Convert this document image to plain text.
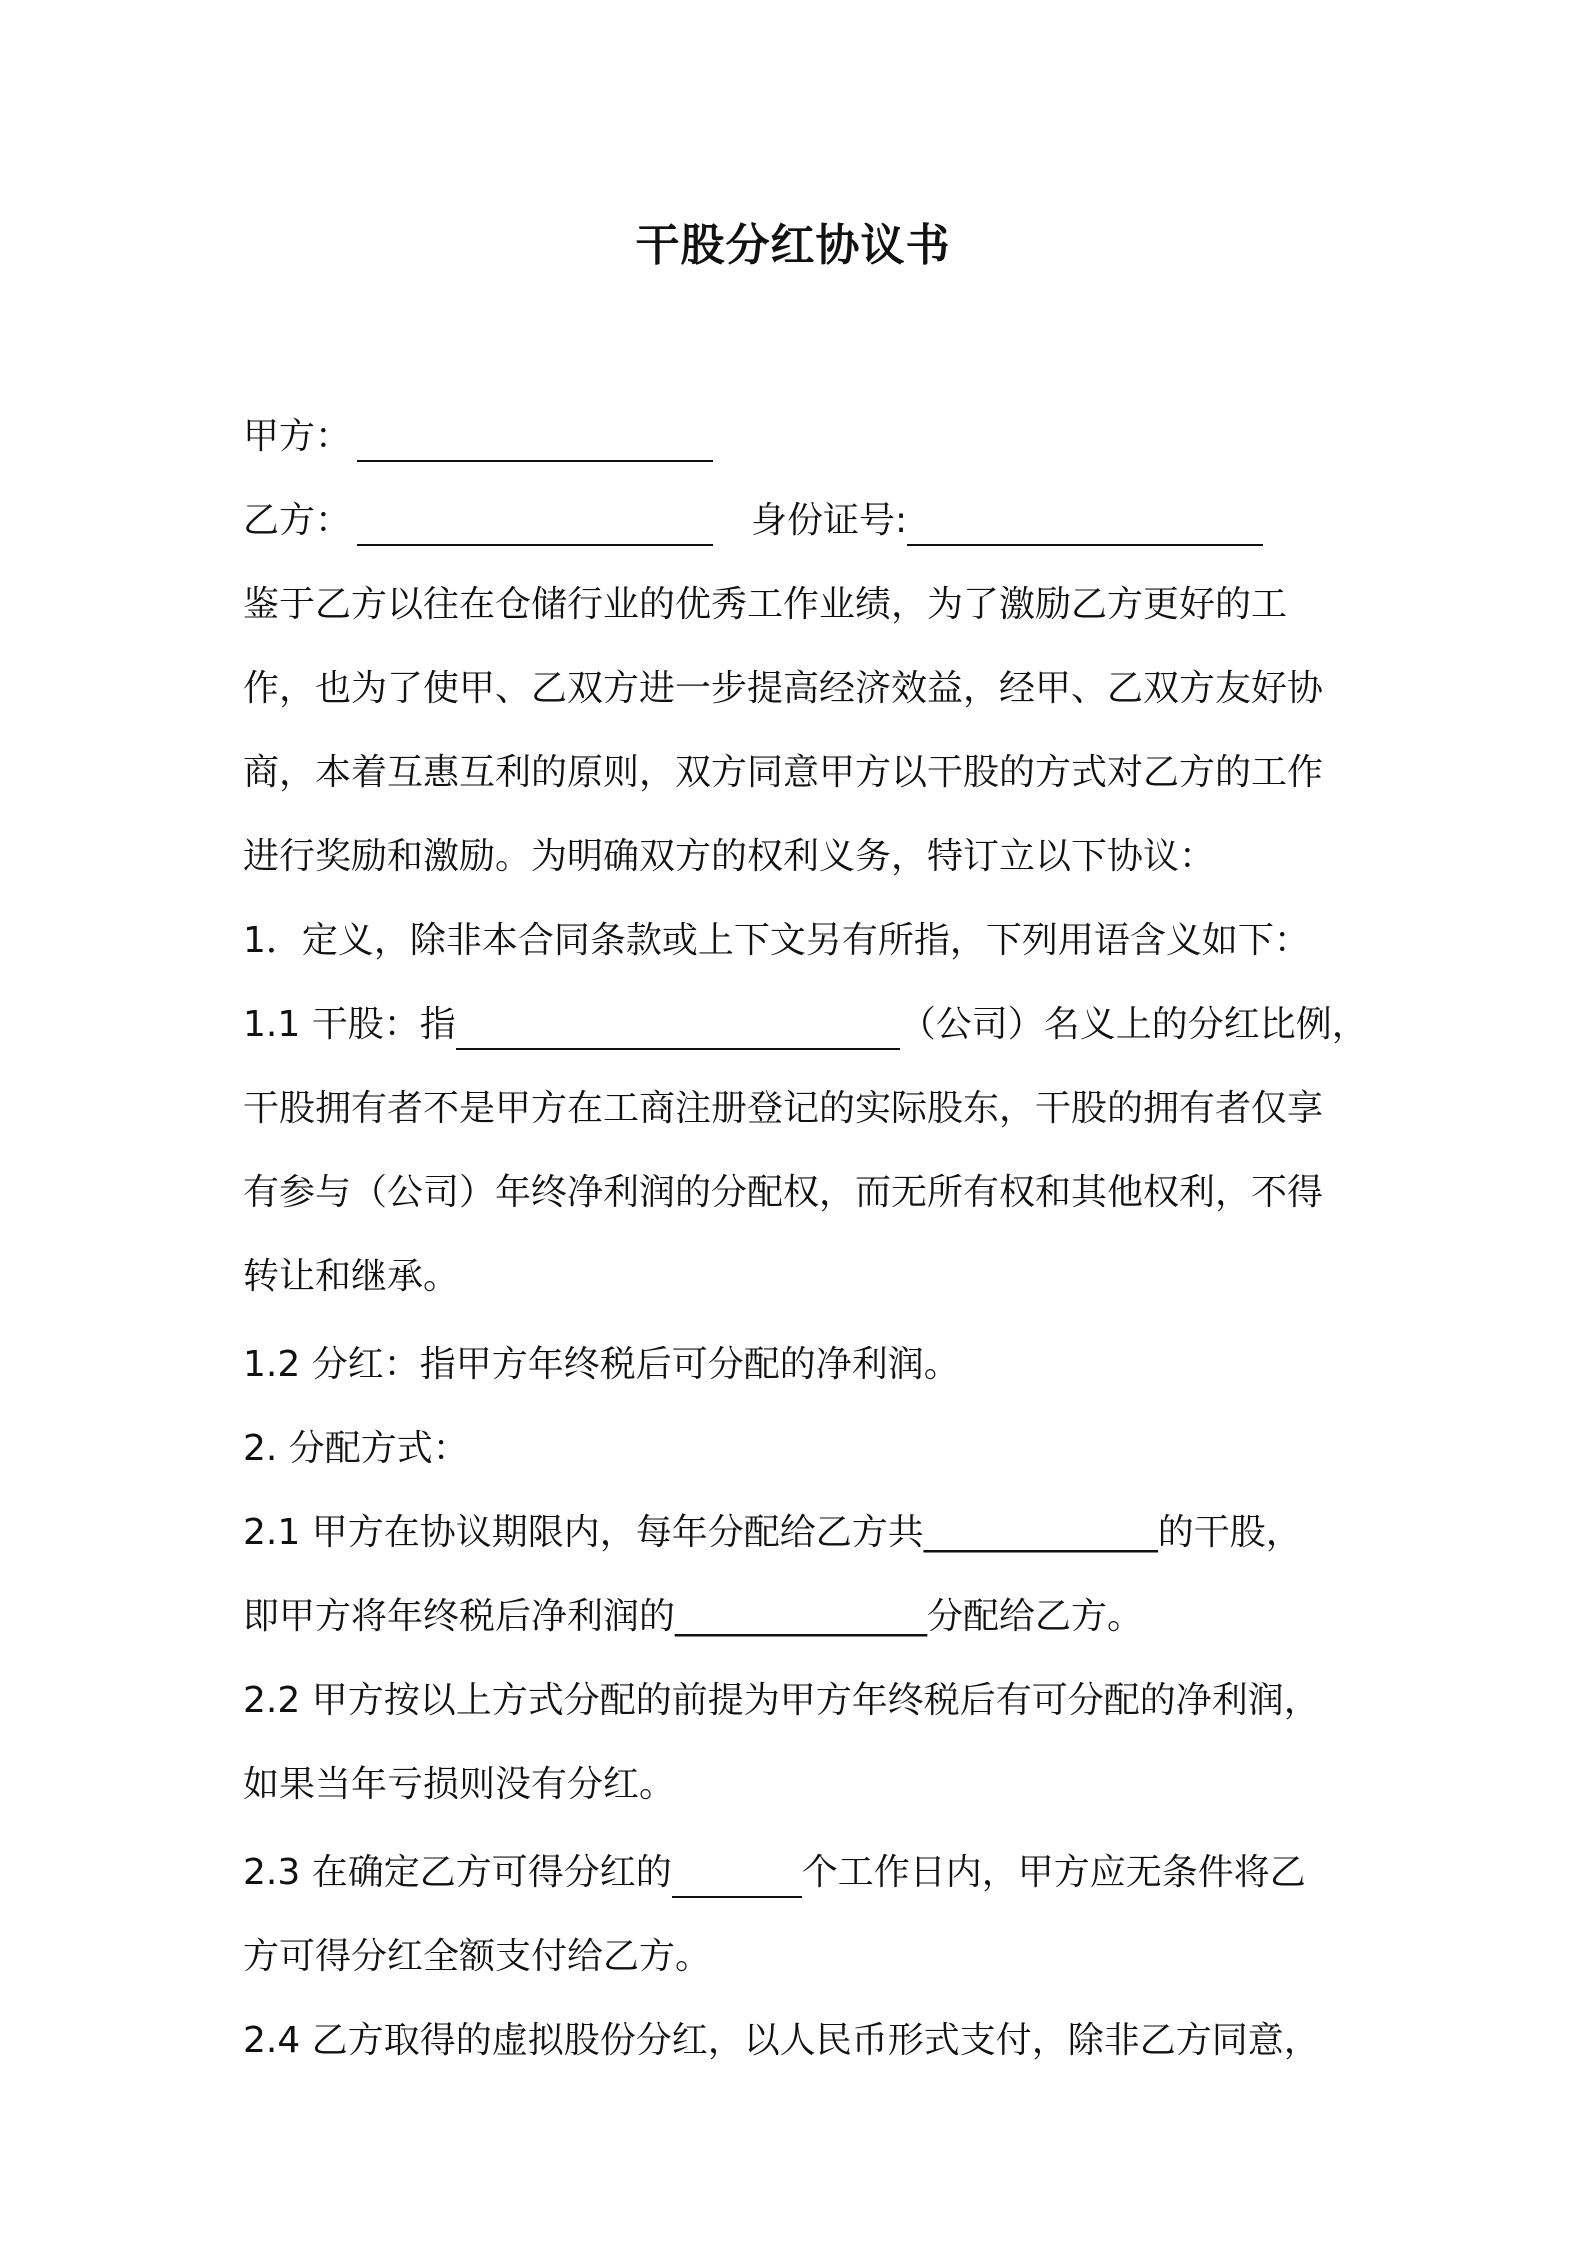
干股分红协议书
甲方：
乙方：	身份证号:
鉴于乙方以往在仓储行业的优秀工作业绩，为了激励乙方更好的工
作，也为了使甲、乙双方进一步提高经济效益，经甲、乙双方友好协
商，本着互惠互利的原则，双方同意甲方以干股的方式对乙方的工作
进行奖励和激励。为明确双方的权利义务，特订立以下协议：
1．定义，除非本合同条款或上下文另有所指，下列用语含义如下：
1.1 干股：指	（公司）名义上的分红比例，
干股拥有者不是甲方在工商注册登记的实际股东，干股的拥有者仅享
有参与（公司）年终净利润的分配权，而无所有权和其他权利，不得
转让和继承。
1.2 分红：指甲方年终税后可分配的净利润。
2. 分配方式：
2.1 甲方在协议期限内，每年分配给乙方共_____________的干股，
即甲方将年终税后净利润的______________分配给乙方。
2.2 甲方按以上方式分配的前提为甲方年终税后有可分配的净利润，
如果当年亏损则没有分红。
2.3 在确定乙方可得分红的	个工作日内，甲方应无条件将乙
方可得分红全额支付给乙方。
2.4 乙方取得的虚拟股份分红，以人民币形式支付，除非乙方同意，
